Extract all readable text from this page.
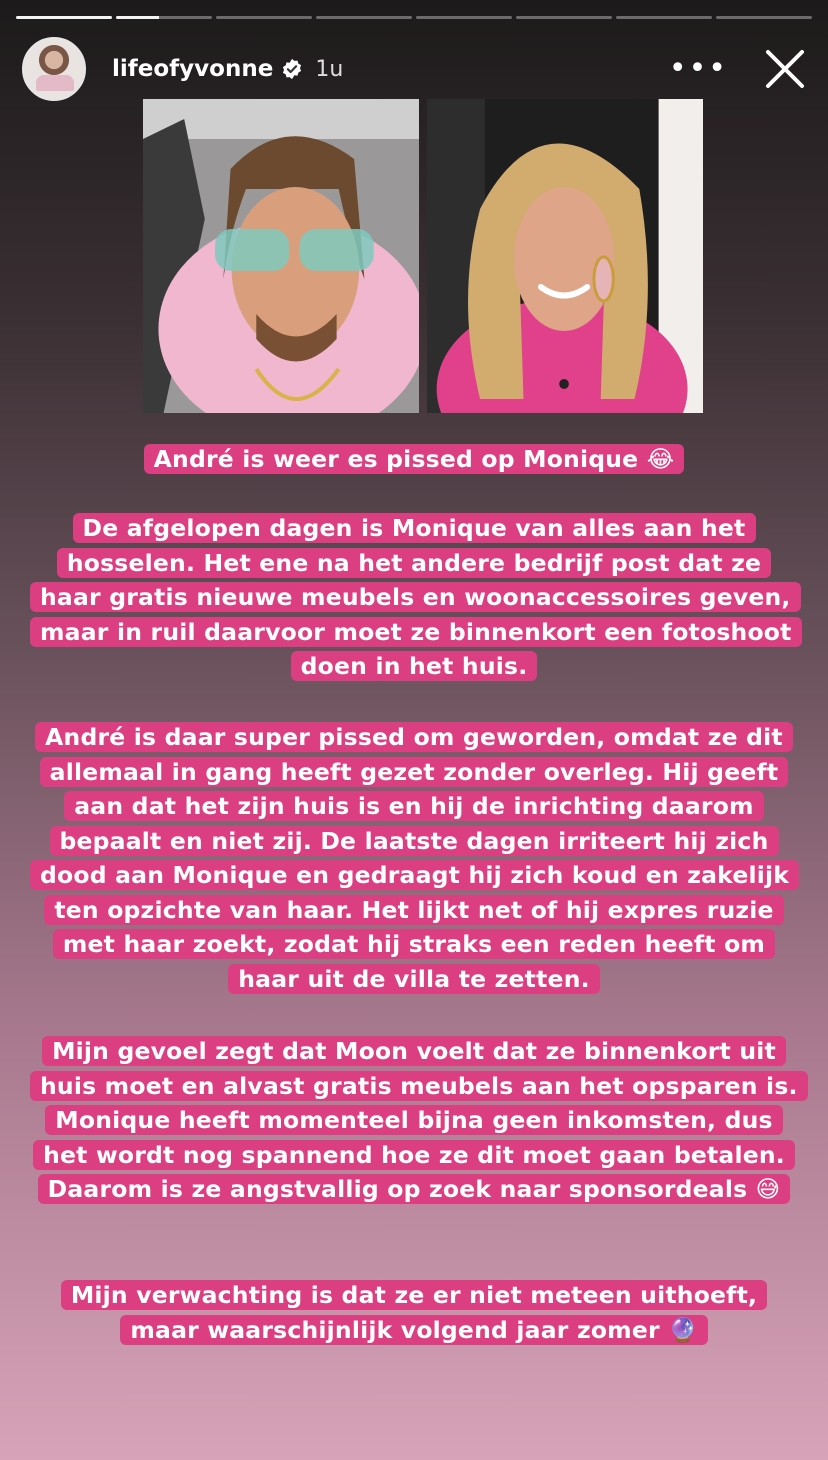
lifeofyvonne 1u	•••
André is weer es pissed op Monique 😂
De afgelopen dagen is Monique van alles aan het hosselen. Het ene na het andere bedrijf post dat ze haar gratis nieuwe meubels en woonaccessoires geven, maar in ruil daarvoor moet ze binnenkort een fotoshoot doen in het huis.
André is daar super pissed om geworden, omdat ze dit allemaal in gang heeft gezet zonder overleg. Hij geeft aan dat het zijn huis is en hij de inrichting daarom bepaalt en niet zij. De laatste dagen irriteert hij zich dood aan Monique en gedraagt hij zich koud en zakelijk ten opzichte van haar. Het lijkt net of hij expres ruzie met haar zoekt, zodat hij straks een reden heeft om haar uit de villa te zetten.
Mijn gevoel zegt dat Moon voelt dat ze binnenkort uit huis moet en alvast gratis meubels aan het opsparen is. Monique heeft momenteel bijna geen inkomsten, dus het wordt nog spannend hoe ze dit moet gaan betalen. Daarom is ze angstvallig op zoek naar sponsordeals 😅
Mijn verwachting is dat ze er niet meteen uithoeft, maar waarschijnlijk volgend jaar zomer 🔮
